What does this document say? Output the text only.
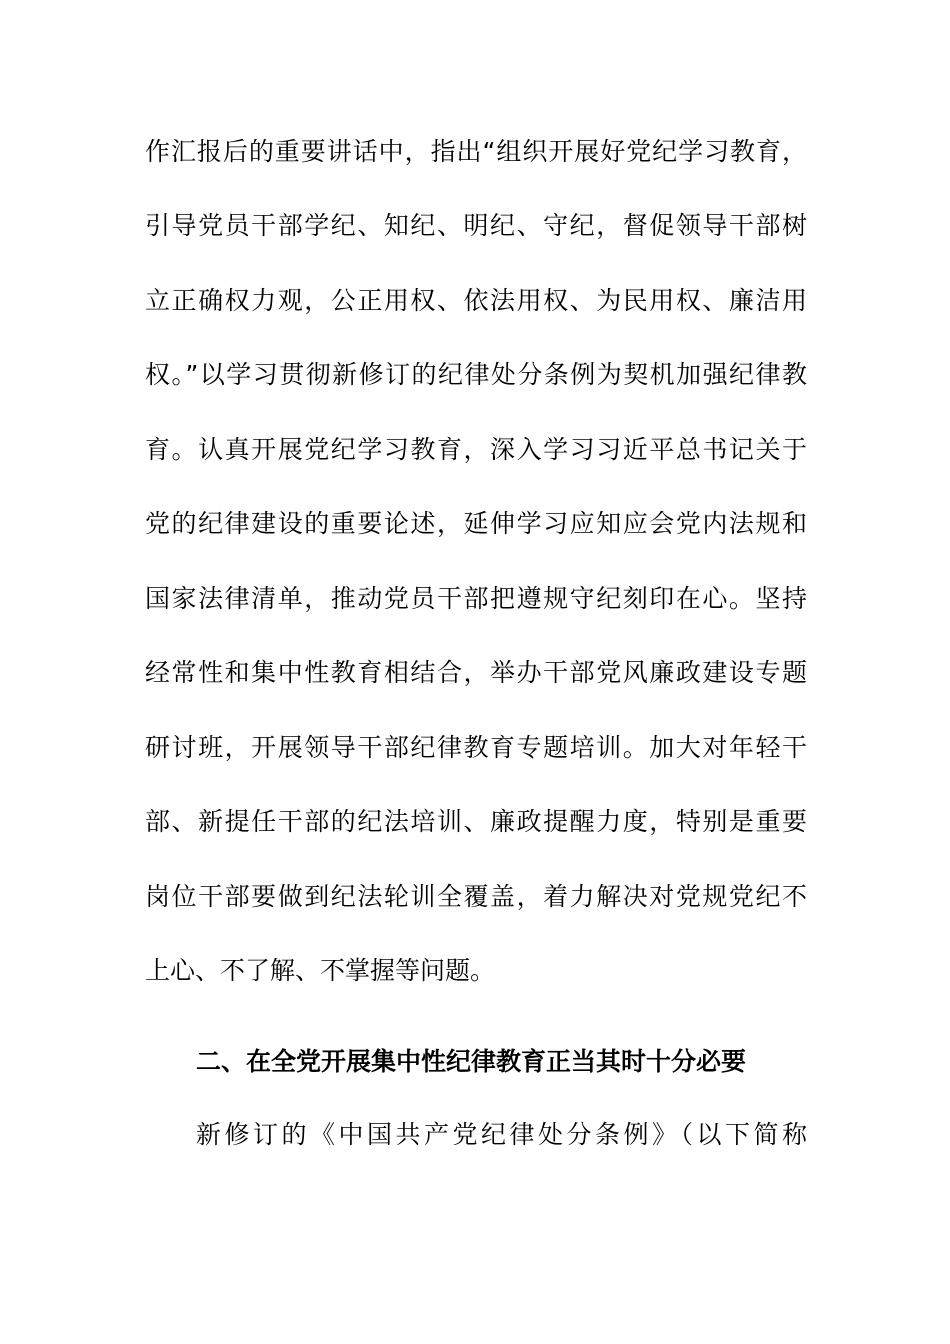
作汇报后的重要讲话中，指出“组织开展好党纪学习教育，
引导党员干部学纪、知纪、明纪、守纪，督促领导干部树
立正确权力观，公正用权、依法用权、为民用权、廉洁用
权。”以学习贯彻新修订的纪律处分条例为契机加强纪律教
育。认真开展党纪学习教育，深入学习习近平总书记关于
党的纪律建设的重要论述，延伸学习应知应会党内法规和
国家法律清单，推动党员干部把遵规守纪刻印在心。坚持
经常性和集中性教育相结合，举办干部党风廉政建设专题
研讨班，开展领导干部纪律教育专题培训。加大对年轻干
部、新提任干部的纪法培训、廉政提醒力度，特别是重要
岗位干部要做到纪法轮训全覆盖，着力解决对党规党纪不
上心、不了解、不掌握等问题。
二、在全党开展集中性纪律教育正当其时十分必要
新修订的《中国共产党纪律处分条例》（以下简称
